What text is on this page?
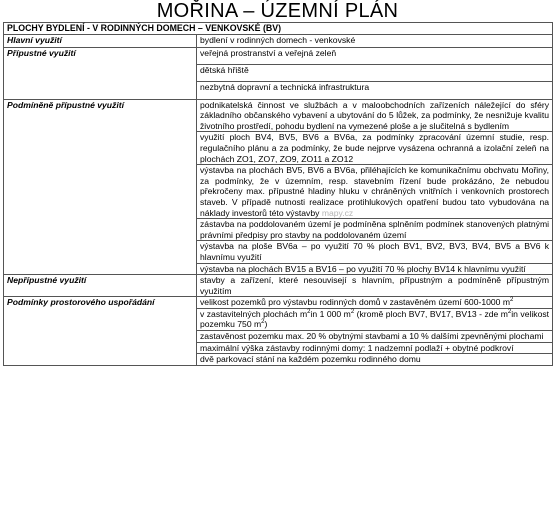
MOŘINA – ÚZEMNÍ PLÁN
PLOCHY BYDLENÍ - V RODINNÝCH DOMECH – VENKOVSKÉ (BV)	
Hlavní využití	bydlení v rodinných domech - venkovské
Přípustné využití	veřejná prostranství a veřejná zeleň
	dětská hřiště
	nezbytná dopravní a technická infrastruktura
Podmíněně přípustné využití	podnikatelská činnost ve službách a v maloobchodních zařízeních náležející do sféry základního občanského vybavení a ubytování do 5 lůžek, za podmínky, že nesnižuje kvalitu životního prostředí, pohodu bydlení na vymezené ploše a je slučitelná s bydlením
	využití ploch BV4, BV5, BV6 a BV6a, za podmínky zpracování územní studie, resp. regulačního plánu a za podmínky, že bude nejprve vysázena ochranná a izolační zeleň na plochách ZO1, ZO7, ZO9, ZO11 a ZO12
	výstavba na plochách BV5, BV6 a BV6a, přiléhajících ke komunikačnímu obchvatu Mořiny, za podmínky, že v územním, resp. stavebním řízení bude prokázáno, že nebudou překročeny max. přípustné hladiny hluku v chráněných vnitřních i venkovních prostorech staveb. V případě nutnosti realizace protihlukových opatření budou tato vybudována na náklady investorů této výstavby mapy.cz
	zástavba na poddolovaném území je podmíněna splněním podmínek stanovených platnými právními předpisy pro stavby na poddolovaném území
	výstavba na ploše BV6a – po využití 70 % ploch BV1, BV2, BV3, BV4, BV5 a BV6 k hlavnímu využití
	výstavba na plochách BV15 a BV16 – po využití 70 % plochy BV14 k hlavnímu využití
Nepřípustné využití	stavby a zařízení, které nesouvisejí s hlavním, přípustným a podmíněně přípustným využitím
Podmínky prostorového uspořádání	velikost pozemků pro výstavbu rodinných domů v zastavěném území 600-1000 $m^2$
	v zastavitelných plochách $m^2in$ 1 000 $m^2$ (kromě ploch BV7, BV17, BV13 - zde $m^2in$ velikost pozemku 750 $m^2$)
	zastavěnost pozemku max. 20 % obytnými stavbami a 10 % dalšími zpevněnými plochami
	maximální výška zástavby rodinnými domy: 1 nadzemní podlaží + obytné podkroví
	dvě parkovací stání na každém pozemku rodinného domu
